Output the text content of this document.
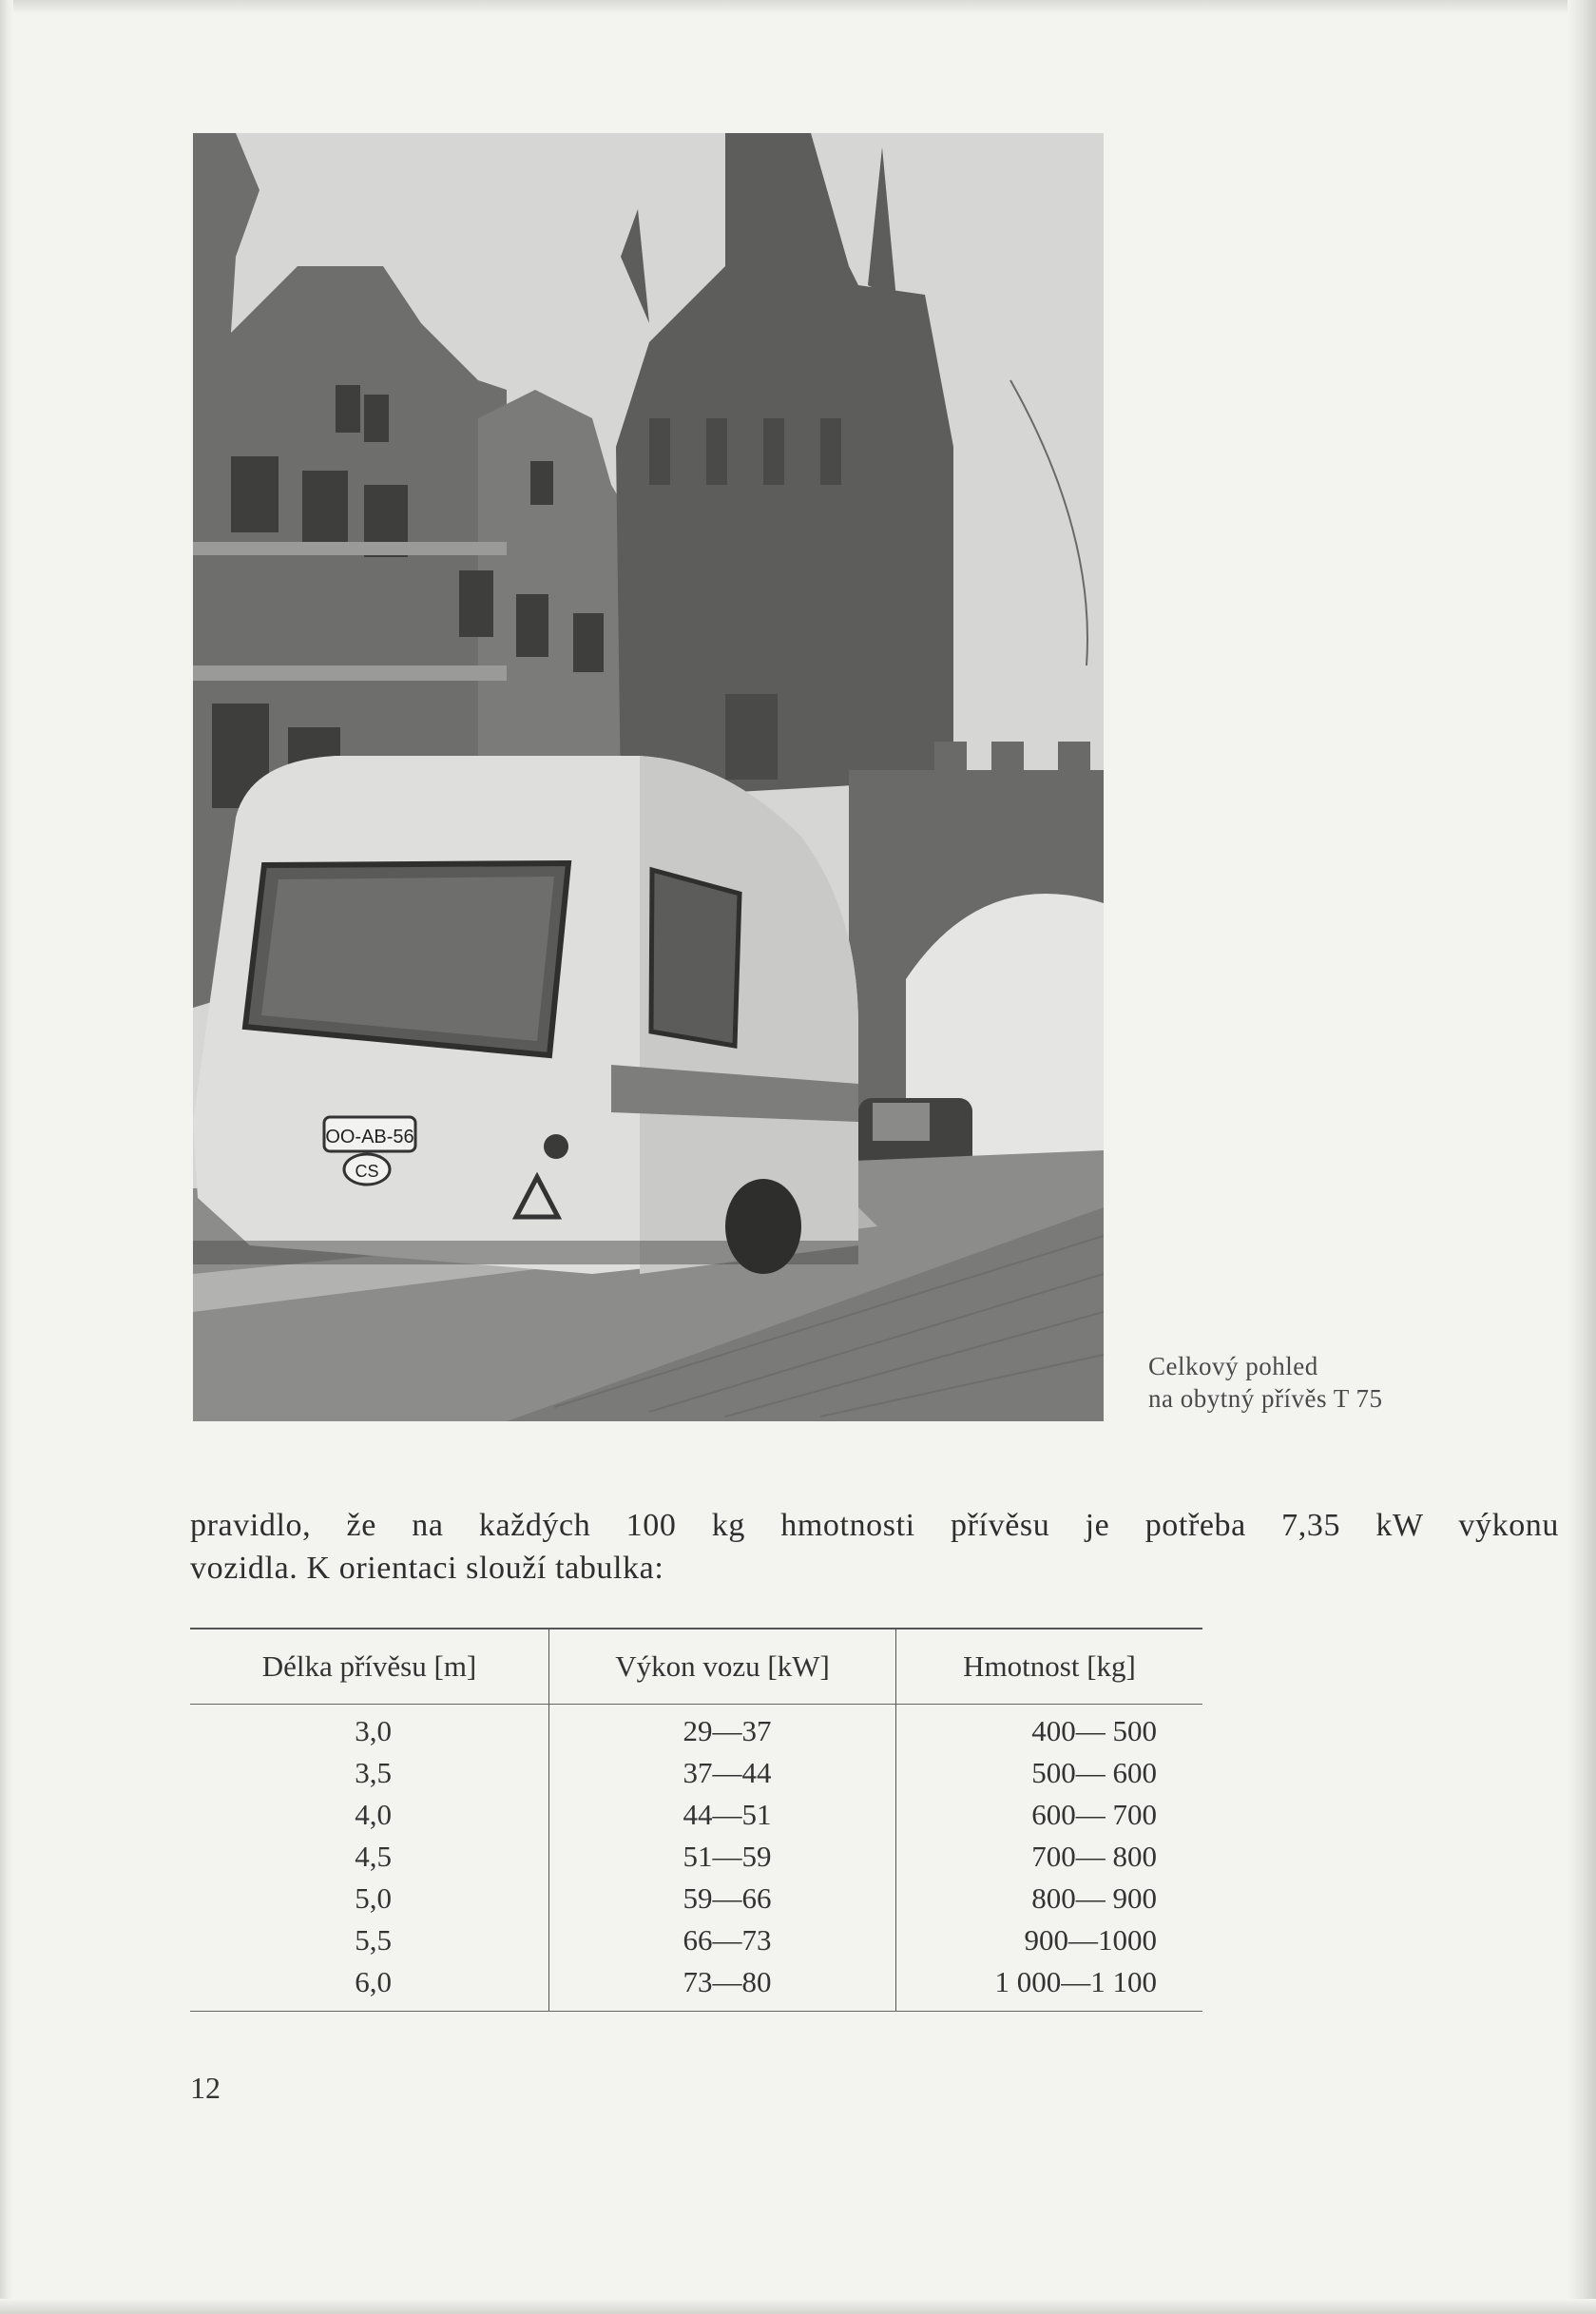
OO-AB-56
CS
Celkový pohled
na obytný přívěs T 75
pravidlo, že na každých 100 kg hmotnosti přívěsu je potřeba 7,35 kW výkonu
vozidla. K orientaci slouží tabulka:
Délka přívěsu [m]	Výkon vozu [kW]	Hmotnost [kg]
3,0
3,5
4,0
4,5
5,0
5,5
6,0
29—37
37—44
44—51
51—59
59—66
66—73
73—80
400— 500
500— 600
600— 700
700— 800
800— 900
900—1000
1 000—1 100
12
